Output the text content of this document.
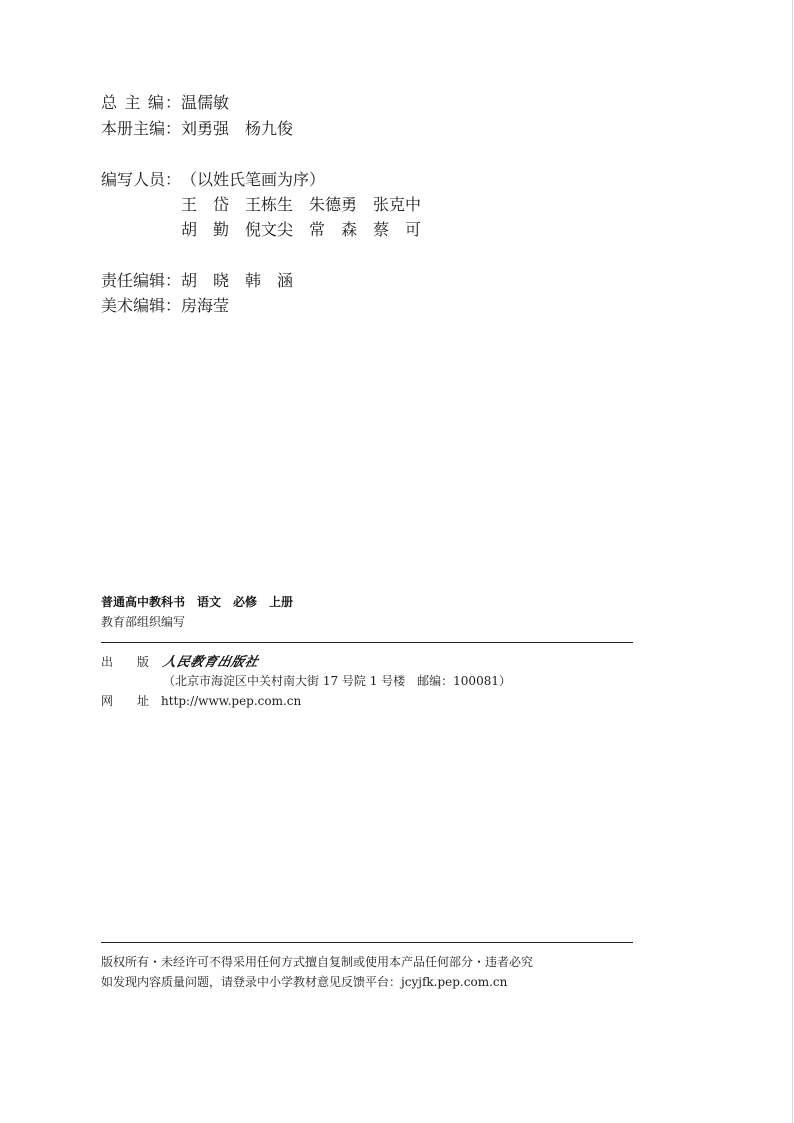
总 主 编：温儒敏
本册主编：刘勇强 杨九俊
编写人员：（以姓氏笔画为序）
王　岱 王栋生 朱德勇 张克中
胡　勤 倪文尖 常　森 蔡　可
责任编辑：胡　晓 韩　涵
美术编辑：房海莹
普通高中教科书　语文　必修　上册
教育部组织编写
出　　版 人民教育出版社
（北京市海淀区中关村南大街 17 号院 1 号楼　邮编：100081）
网　　址 http://www.pep.com.cn
版权所有・未经许可不得采用任何方式擅自复制或使用本产品任何部分・违者必究
如发现内容质量问题，请登录中小学教材意见反馈平台：jcyjfk.pep.com.cn
